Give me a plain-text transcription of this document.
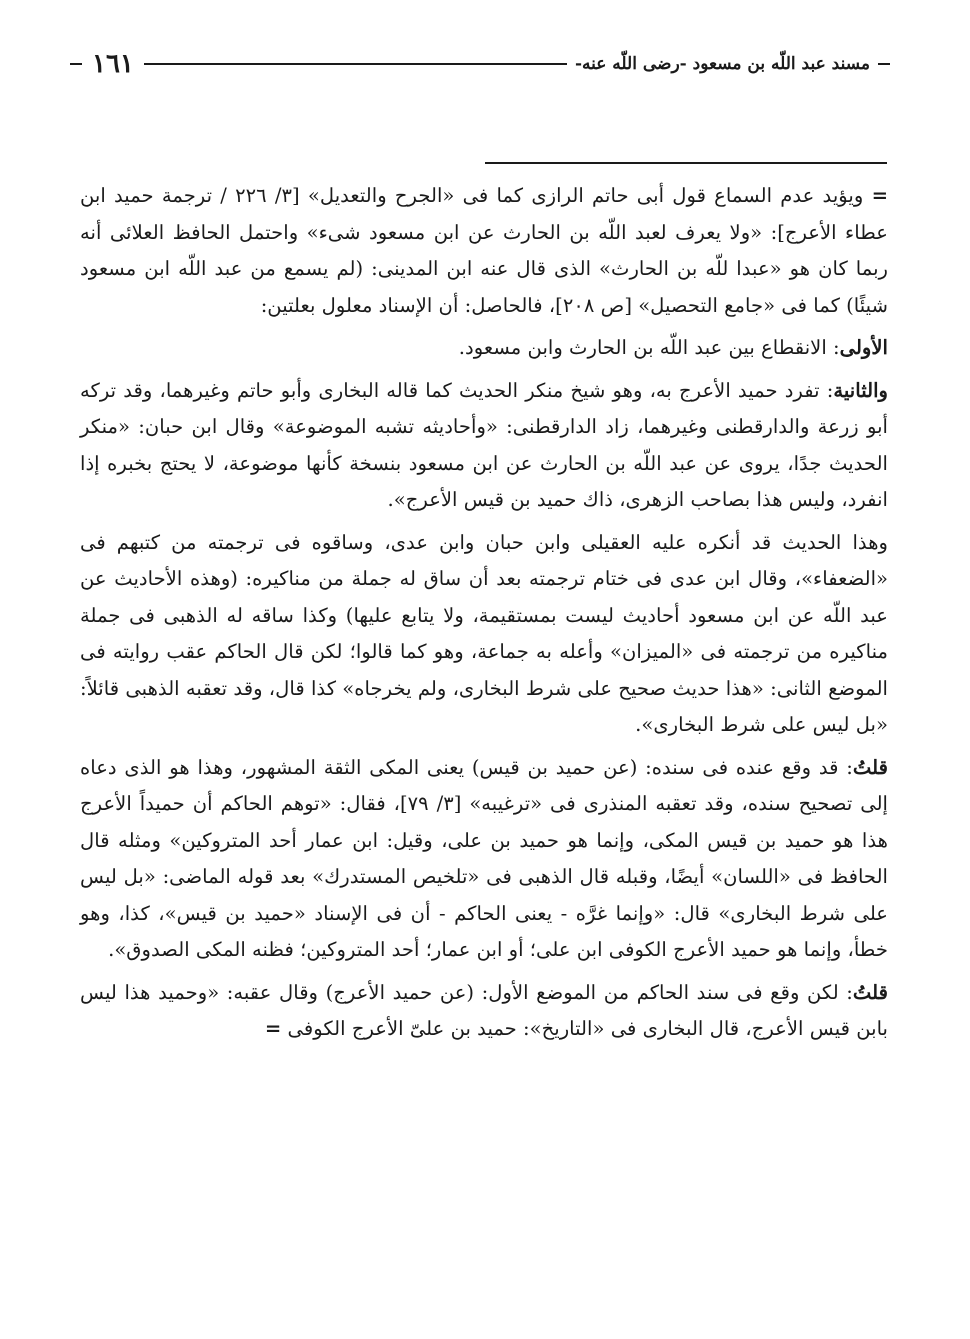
مسند عبد اللّه بن مسعود -رضى اللّه عنه-
١٦١

= ويؤيد عدم السماع قول أبى حاتم الرازى كما فى «الجرح والتعديل» [٣/ ٢٢٦ / ترجمة حميد ابن عطاء الأعرج]: «ولا يعرف لعبد اللّه بن الحارث عن ابن مسعود شىء» واحتمل الحافظ العلائى أنه ربما كان هو «عبدا للّه بن الحارث» الذى قال عنه ابن المدينى: (لم يسمع من عبد اللّه ابن مسعود شيئًا) كما فى «جامع التحصيل» [ص ٢٠٨]، فالحاصل: أن الإسناد معلول بعلتين:

الأولى: الانقطاع بين عبد اللّه بن الحارث وابن مسعود.

والثانية: تفرد حميد الأعرج به، وهو شيخ منكر الحديث كما قاله البخارى وأبو حاتم وغيرهما، وقد تركه أبو زرعة والدارقطنى وغيرهما، زاد الدارقطنى: «وأحاديثه تشبه الموضوعة» وقال ابن حبان: «منكر الحديث جدًا، يروى عن عبد اللّه بن الحارث عن ابن مسعود بنسخة كأنها موضوعة، لا يحتج بخبره إذا انفرد، وليس هذا بصاحب الزهرى، ذاك حميد بن قيس الأعرج».

وهذا الحديث قد أنكره عليه العقيلى وابن حبان وابن عدى، وساقوه فى ترجمته من كتبهم فى «الضعفاء»، وقال ابن عدى فى ختام ترجمته بعد أن ساق له جملة من مناكيره: (وهذه الأحاديث عن عبد اللّه عن ابن مسعود أحاديث ليست بمستقيمة، ولا يتابع عليها) وكذا ساقه له الذهبى فى جملة مناكيره من ترجمته فى «الميزان» وأعله به جماعة، وهو كما قالوا؛ لكن قال الحاكم عقب روايته فى الموضع الثانى: «هذا حديث صحيح على شرط البخارى، ولم يخرجاه» كذا قال، وقد تعقبه الذهبى قائلاً: «بل ليس على شرط البخارى».

قلتُ: قد وقع عنده فى سنده: (عن حميد بن قيس) يعنى المكى الثقة المشهور، وهذا هو الذى دعاه إلى تصحيح سنده، وقد تعقبه المنذرى فى «ترغيبه» [٣/ ٧٩]، فقال: «توهم الحاكم أن حميداً الأعرج هذا هو حميد بن قيس المكى، وإنما هو حميد بن على، وقيل: ابن عمار أحد المتروكين» ومثله قال الحافظ فى «اللسان» أيضًا، وقبله قال الذهبى فى «تلخيص المستدرك» بعد قوله الماضى: «بل ليس على شرط البخارى» قال: «وإنما غرَّه - يعنى الحاكم - أن فى الإسناد «حميد بن قيس»، كذا، وهو خطأ، وإنما هو حميد الأعرج الكوفى ابن على؛ أو ابن عمار؛ أحد المتروكين؛ فظنه المكى الصدوق».

قلتُ: لكن وقع فى سند الحاكم من الموضع الأول: (عن حميد الأعرج) وقال عقبه: «وحميد هذا ليس بابن قيس الأعرج، قال البخارى فى «التاريخ»: حميد بن علىّ الأعرج الكوفى =
